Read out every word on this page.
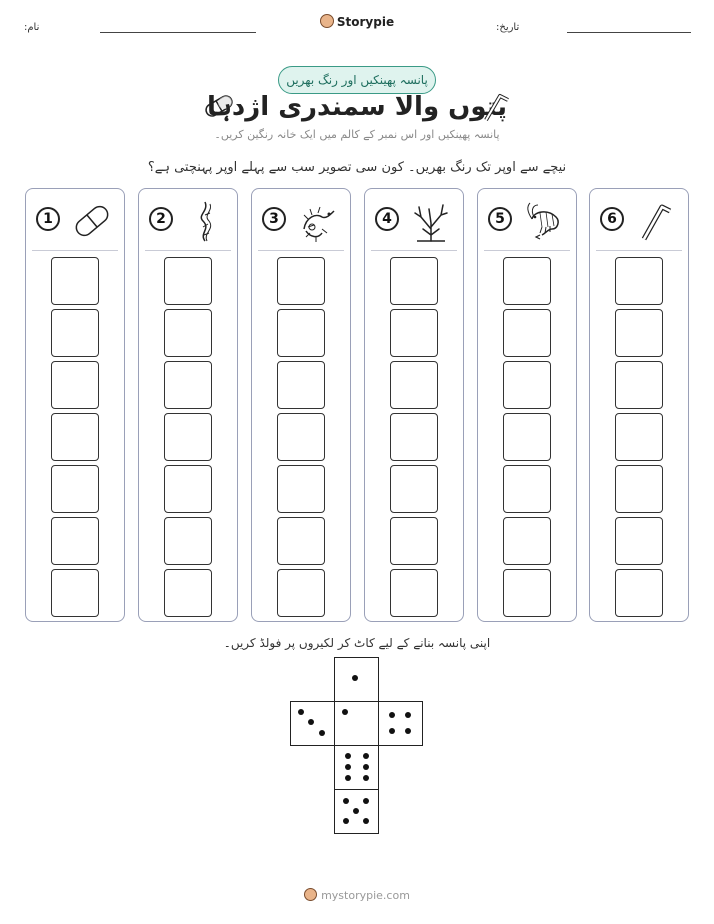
نام:	Storypie	تاریخ:
پانسہ پھینکیں اور رنگ بھریں
پتوں والا سمندری اژدہا
پانسہ پھینکیں اور اس نمبر کے کالم میں ایک خانہ رنگین کریں۔
نیچے سے اوپر تک رنگ بھریں۔ کون سی تصویر سب سے پہلے اوپر پہنچتی ہے؟
1	2	3	4	5	6
اپنی پانسہ بنانے کے لیے کاٹ کر لکیروں پر فولڈ کریں۔
mystorypie.com
